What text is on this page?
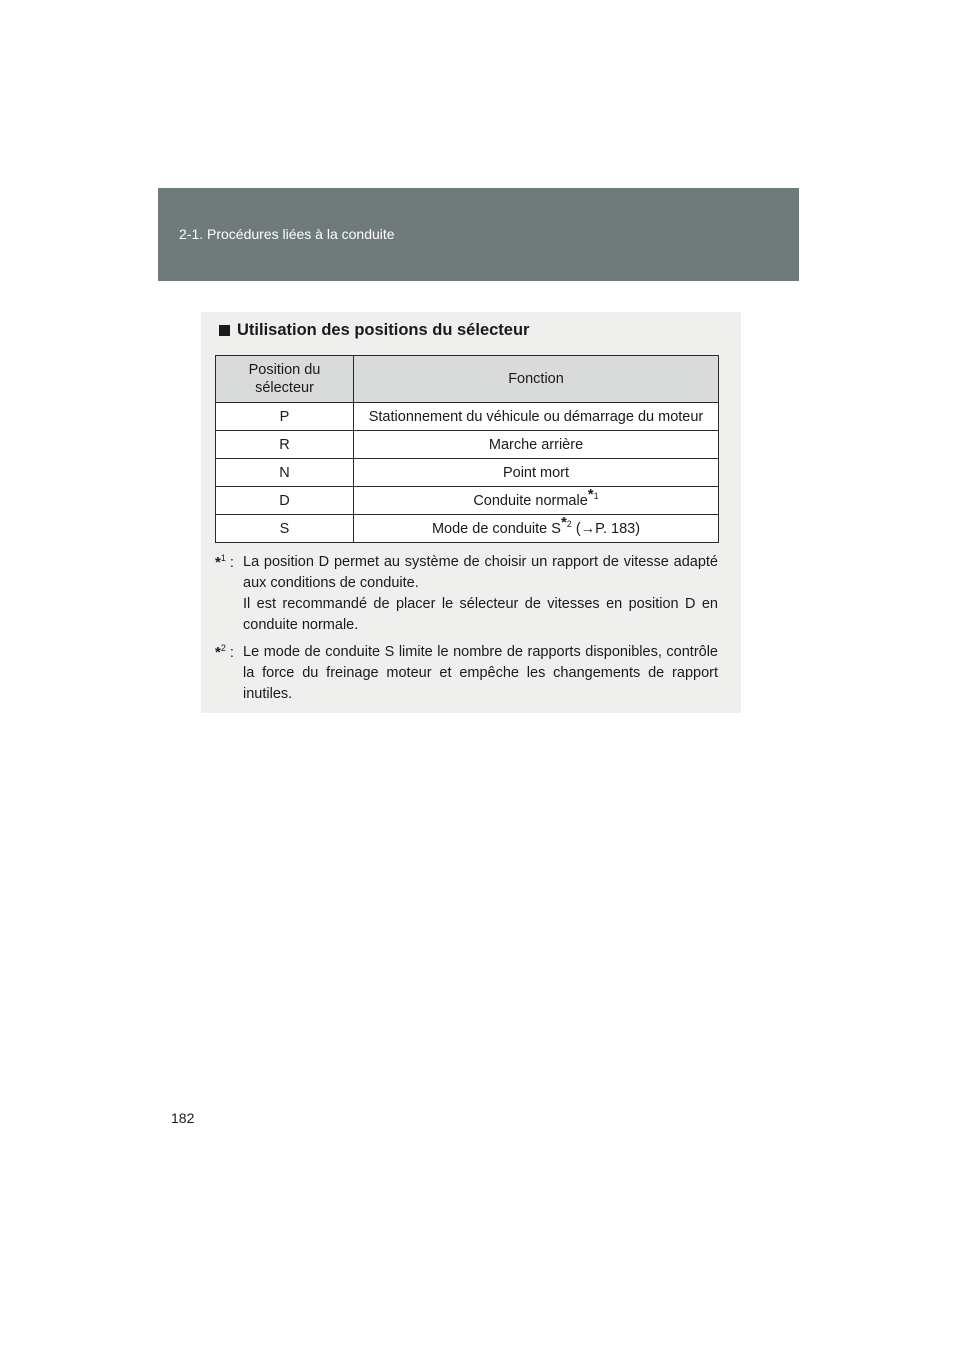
2-1. Procédures liées à la conduite
Utilisation des positions du sélecteur
Position du sélecteur	Fonction
P	Stationnement du véhicule ou démarrage du moteur
R	Marche arrière
N	Point mort
D	Conduite normale$^{*1}$
S	Mode de conduite $S^{*2}$ (→P. 183)
*$^1$ : La position D permet au système de choisir un rapport de vitesse adapté aux conditions de conduite.

Il est recommandé de placer le sélecteur de vitesses en position D en conduite normale.

*$^2$ : Le mode de conduite S limite le nombre de rapports disponibles, contrôle la force du freinage moteur et empêche les changements de rapport inutiles.

182
